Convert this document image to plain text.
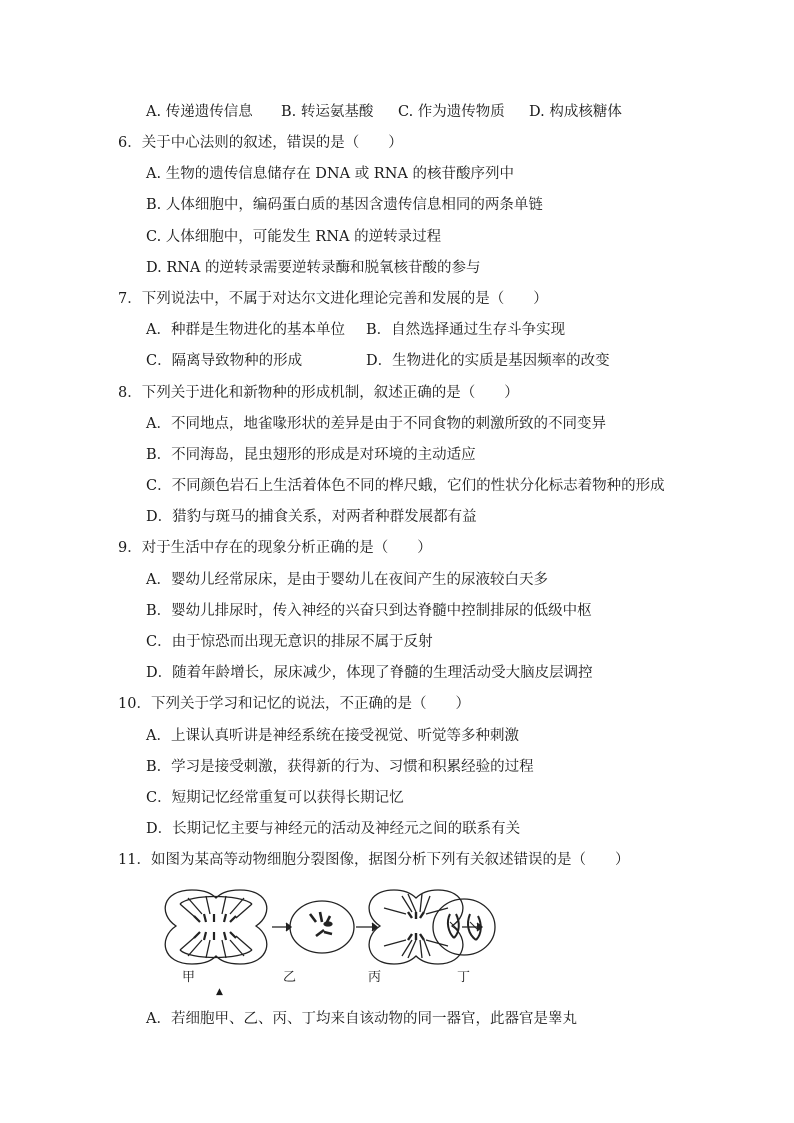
A. 传递遗传信息 B. 转运氨基酸 C. 作为遗传物质 D. 构成核糖体
6．关于中心法则的叙述，错误的是（　　）
A. 生物的遗传信息储存在 DNA 或 RNA 的核苷酸序列中
B. 人体细胞中，编码蛋白质的基因含遗传信息相同的两条单链
C. 人体细胞中，可能发生 RNA 的逆转录过程
D. RNA 的逆转录需要逆转录酶和脱氧核苷酸的参与
7．下列说法中，不属于对达尔文进化理论完善和发展的是（　　）
A．种群是生物进化的基本单位 B．自然选择通过生存斗争实现
C．隔离导致物种的形成	D．生物进化的实质是基因频率的改变
8．下列关于进化和新物种的形成机制，叙述正确的是（　　）
A．不同地点，地雀喙形状的差异是由于不同食物的刺激所致的不同变异
B．不同海岛，昆虫翅形的形成是对环境的主动适应
C．不同颜色岩石上生活着体色不同的桦尺蛾，它们的性状分化标志着物种的形成
D．猎豹与斑马的捕食关系，对两者种群发展都有益
9．对于生活中存在的现象分析正确的是（　　）
A．婴幼儿经常尿床，是由于婴幼儿在夜间产生的尿液较白天多
B．婴幼儿排尿时，传入神经的兴奋只到达脊髓中控制排尿的低级中枢
C．由于惊恐而出现无意识的排尿不属于反射
D．随着年龄增长，尿床减少，体现了脊髓的生理活动受大脑皮层调控
10．下列关于学习和记忆的说法，不正确的是（　　）
A．上课认真听讲是神经系统在接受视觉、听觉等多种刺激
B．学习是接受刺激，获得新的行为、习惯和积累经验的过程
C．短期记忆经常重复可以获得长期记忆
D．长期记忆主要与神经元的活动及神经元之间的联系有关
11．如图为某高等动物细胞分裂图像，据图分析下列有关叙述错误的是（　　）
甲	乙	丙	丁
▲
A．若细胞甲、乙、丙、丁均来自该动物的同一器官，此器官是睾丸
